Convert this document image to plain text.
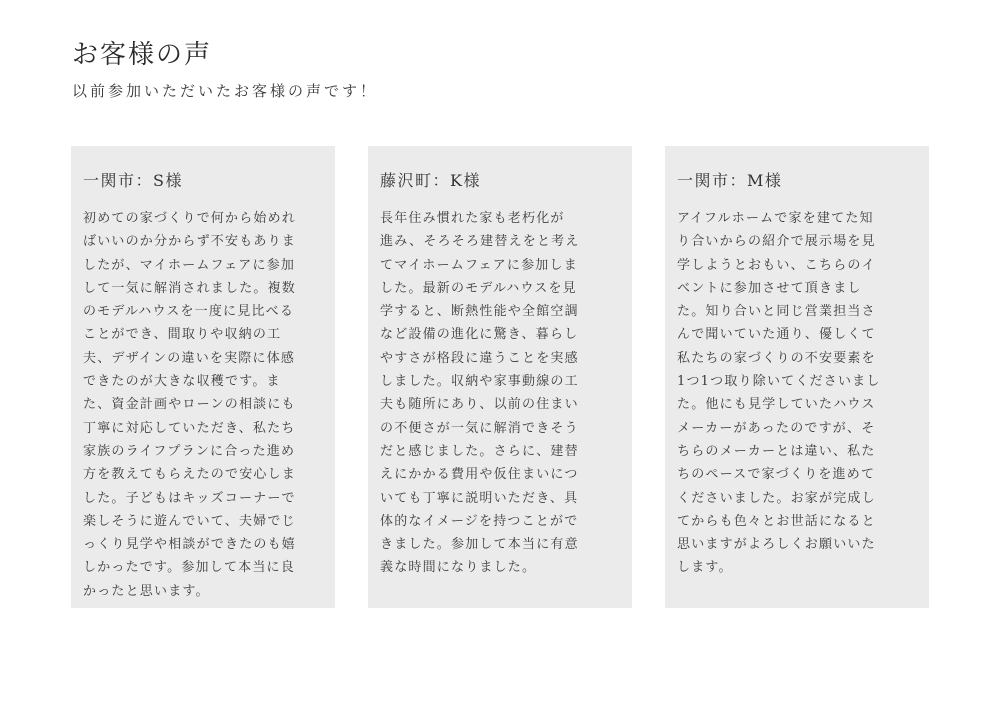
お客様の声

以前参加いただいたお客様の声です！

一関市：S様

初めての家づくりで何から始めれ
ばいいのか分からず不安もありま
したが、マイホームフェアに参加
して一気に解消されました。複数
のモデルハウスを一度に見比べる
ことができ、間取りや収納の工
夫、デザインの違いを実際に体感
できたのが大きな収穫です。ま
た、資金計画やローンの相談にも
丁寧に対応していただき、私たち
家族のライフプランに合った進め
方を教えてもらえたので安心しま
した。子どもはキッズコーナーで
楽しそうに遊んでいて、夫婦でじ
っくり見学や相談ができたのも嬉
しかったです。参加して本当に良
かったと思います。

藤沢町：K様

長年住み慣れた家も老朽化が
進み、そろそろ建替えをと考え
てマイホームフェアに参加しま
した。最新のモデルハウスを見
学すると、断熱性能や全館空調
など設備の進化に驚き、暮らし
やすさが格段に違うことを実感
しました。収納や家事動線の工
夫も随所にあり、以前の住まい
の不便さが一気に解消できそう
だと感じました。さらに、建替
えにかかる費用や仮住まいにつ
いても丁寧に説明いただき、具
体的なイメージを持つことがで
きました。参加して本当に有意
義な時間になりました。

一関市：M様

アイフルホームで家を建てた知
り合いからの紹介で展示場を見
学しようとおもい、こちらのイ
ベントに参加させて頂きまし
た。知り合いと同じ営業担当さ
んで聞いていた通り、優しくて
私たちの家づくりの不安要素を
1つ1つ取り除いてくださいまし
た。他にも見学していたハウス
メーカーがあったのですが、そ
ちらのメーカーとは違い、私た
ちのペースで家づくりを進めて
くださいました。お家が完成し
てからも色々とお世話になると
思いますがよろしくお願いいた
します。
